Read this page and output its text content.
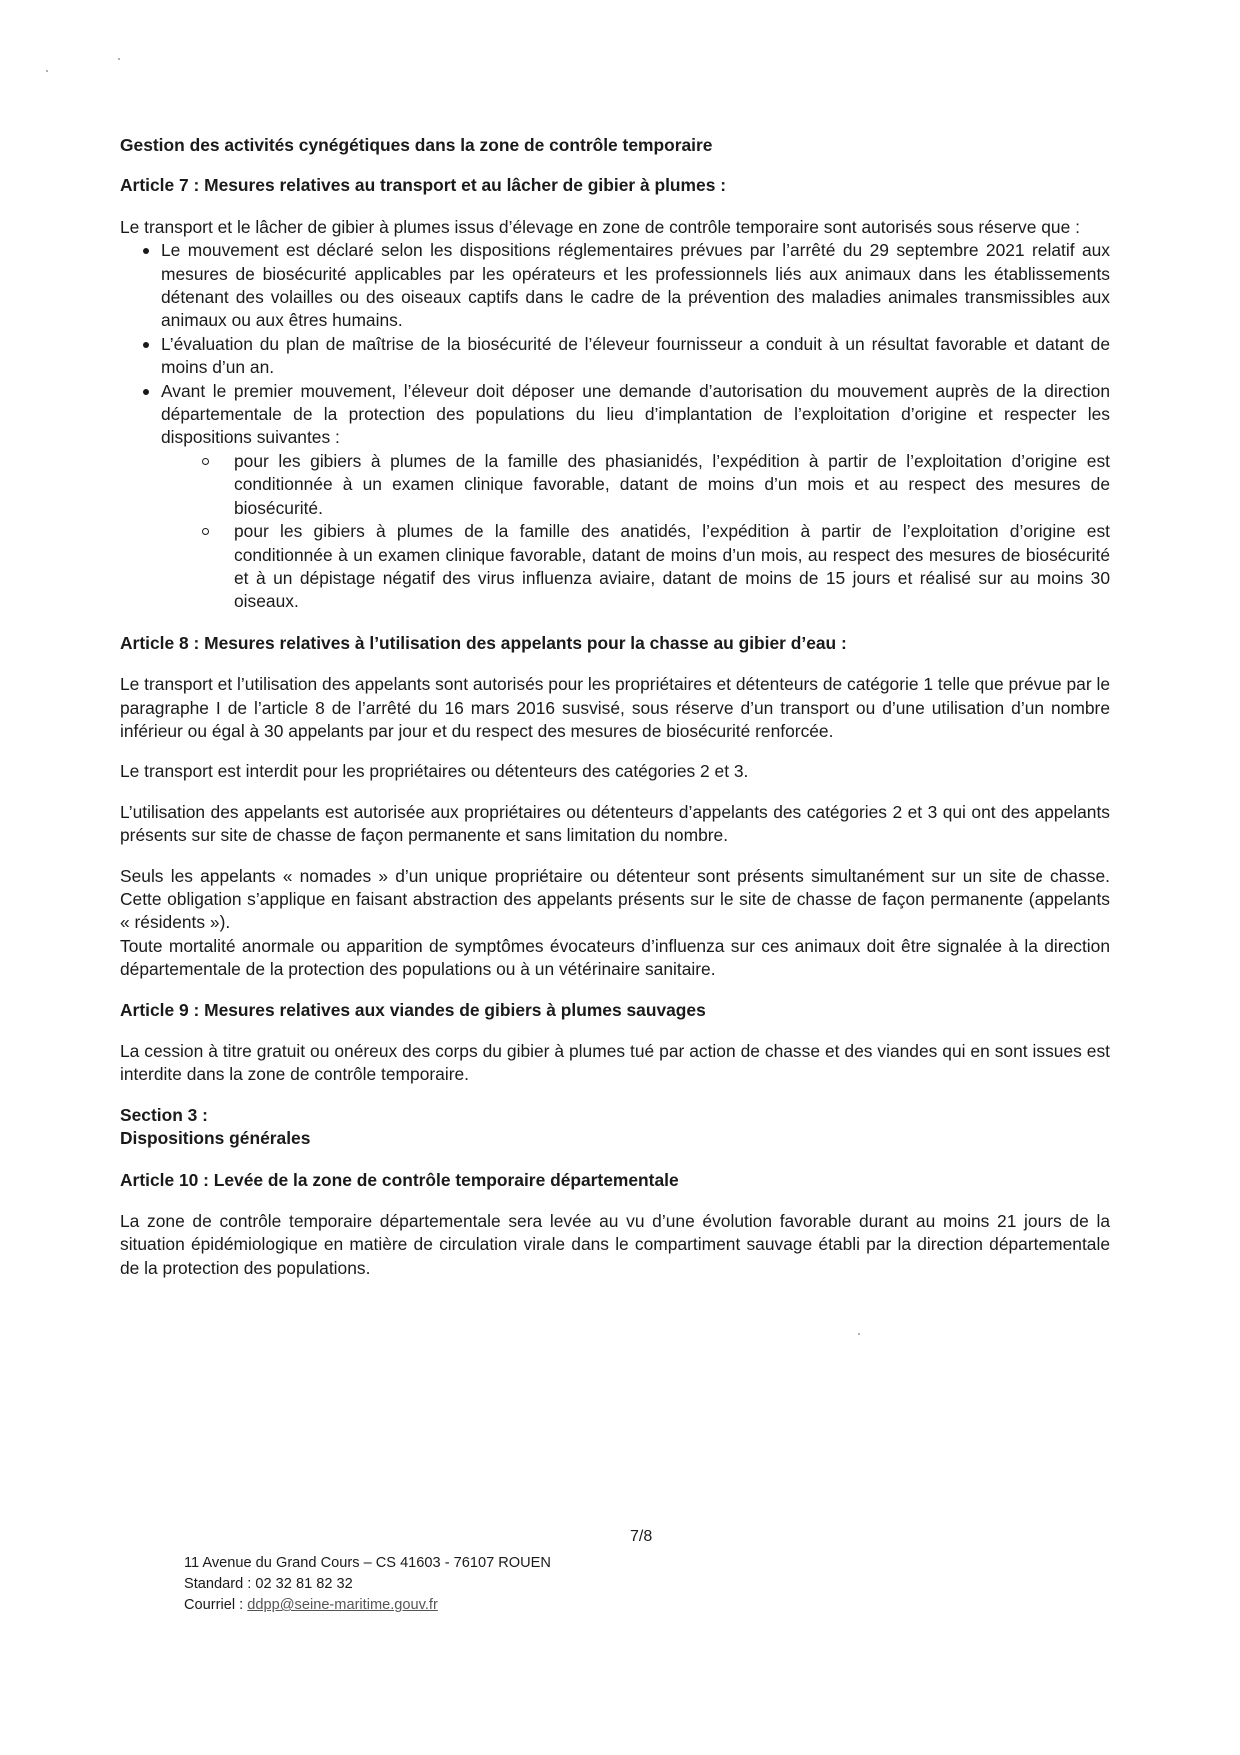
Gestion des activités cynégétiques dans la zone de contrôle temporaire
Article 7 : Mesures relatives au transport et au lâcher de gibier à plumes :

Le transport et le lâcher de gibier à plumes issus d’élevage en zone de contrôle temporaire sont autorisés sous réserve que :

Le mouvement est déclaré selon les dispositions réglementaires prévues par l’arrêté du 29 septembre 2021 relatif aux mesures de biosécurité applicables par les opérateurs et les professionnels liés aux animaux dans les établissements détenant des volailles ou des oiseaux captifs dans le cadre de la prévention des maladies animales transmissibles aux animaux ou aux êtres humains.
L’évaluation du plan de maîtrise de la biosécurité de l’éleveur fournisseur a conduit à un résultat favorable et datant de moins d’un an.
Avant le premier mouvement, l’éleveur doit déposer une demande d’autorisation du mouvement auprès de la direction départementale de la protection des populations du lieu d’implantation de l’exploitation d’origine et respecter les dispositions suivantes :
pour les gibiers à plumes de la famille des phasianidés, l’expédition à partir de l’exploitation d’origine est conditionnée à un examen clinique favorable, datant de moins d’un mois et au respect des mesures de biosécurité.
pour les gibiers à plumes de la famille des anatidés, l’expédition à partir de l’exploitation d’origine est conditionnée à un examen clinique favorable, datant de moins d’un mois, au respect des mesures de biosécurité et à un dépistage négatif des virus influenza aviaire, datant de moins de 15 jours et réalisé sur au moins 30 oiseaux.
Article 8 : Mesures relatives à l’utilisation des appelants pour la chasse au gibier d’eau :

Le transport et l’utilisation des appelants sont autorisés pour les propriétaires et détenteurs de catégorie 1 telle que prévue par le paragraphe I de l’article 8 de l’arrêté du 16 mars 2016 susvisé, sous réserve d’un transport ou d’une utilisation d’un nombre inférieur ou égal à 30 appelants par jour et du respect des mesures de biosécurité renforcée.

Le transport est interdit pour les propriétaires ou détenteurs des catégories 2 et 3.

L’utilisation des appelants est autorisée aux propriétaires ou détenteurs d’appelants des catégories 2 et 3 qui ont des appelants présents sur site de chasse de façon permanente et sans limitation du nombre.

Seuls les appelants « nomades » d’un unique propriétaire ou détenteur sont présents simultanément sur un site de chasse. Cette obligation s’applique en faisant abstraction des appelants présents sur le site de chasse de façon permanente (appelants « résidents »).

Toute mortalité anormale ou apparition de symptômes évocateurs d’influenza sur ces animaux doit être signalée à la direction départementale de la protection des populations ou à un vétérinaire sanitaire.

Article 9 : Mesures relatives aux viandes de gibiers à plumes sauvages

La cession à titre gratuit ou onéreux des corps du gibier à plumes tué par action de chasse et des viandes qui en sont issues est interdite dans la zone de contrôle temporaire.

Section 3 :
Dispositions générales
Article 10 : Levée de la zone de contrôle temporaire départementale

La zone de contrôle temporaire départementale sera levée au vu d’une évolution favorable durant au moins 21 jours de la situation épidémiologique en matière de circulation virale dans le compartiment sauvage établi par la direction départementale de la protection des populations.

7/8
11 Avenue du Grand Cours – CS 41603 - 76107 ROUEN
Standard : 02 32 81 82 32
Courriel : ddpp@seine-maritime.gouv.fr
